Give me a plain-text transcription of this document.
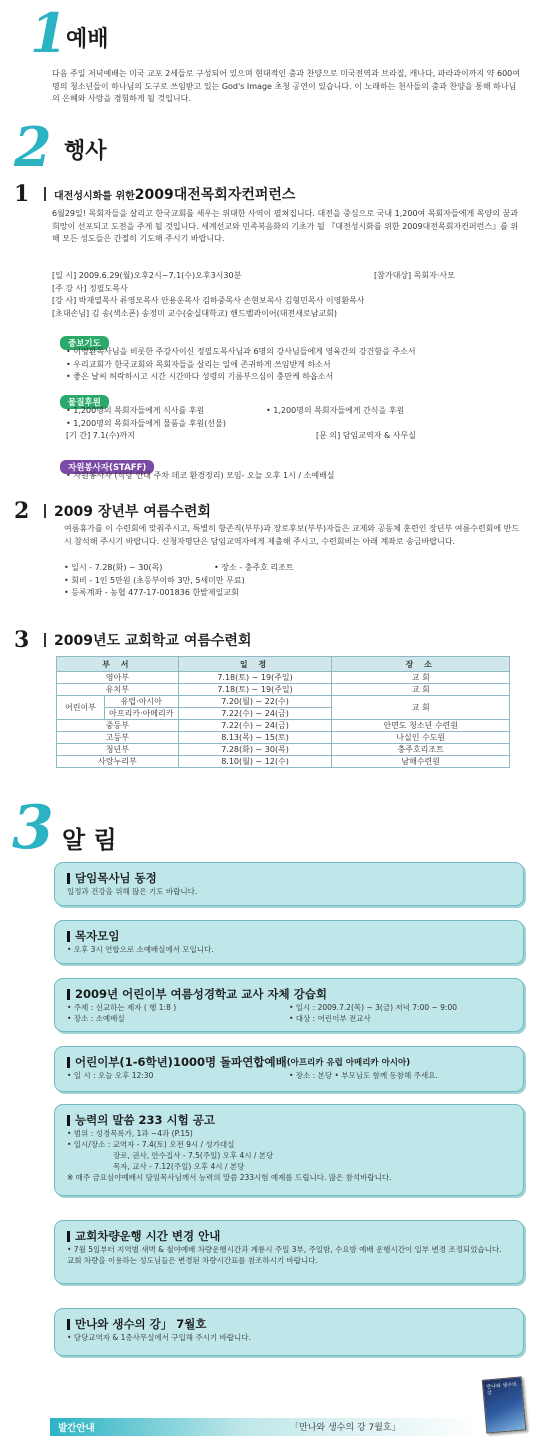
1
예배
다음 주일 저녁예배는 미국 교포 2세들로 구성되어 있으며 현대적인 춤과 찬양으로 미국전역과 브라질, 캐나다, 파라과이까지 약 600여명의 청소년들이 하나님의 도구로 쓰임받고 있는 God's Image 초청 공연이 있습니다. 이 노래하는 천사들의 춤과 찬양을 통해 하나님의 은혜와 사랑을 경험하게 될 것입니다.
2 행사
1	대전성시화를 위한 2009대전목회자컨퍼런스
6월29일! 목회자들을 살리고 한국교회를 세우는 위대한 사역이 펼쳐집니다. 대전을 중심으로 국내 1,200여 목회자들에게 목양의 꿈과 희망이 선포되고 도전을 주게 될 것입니다. 세계선교와 민족복음화의 기초가 될 『대전성시화를 위한 2009대전목회자컨퍼런스』를 위해 모든 성도들은 간절히 기도해 주시기 바랍니다.
[일 시] 2009.6.29(월)오후2시~7.1(수)오후3시30분	[참가대상] 목회자·사모
[주 강 사] 정필도목사
[강 사] 박재열목사 류영모목사 안용운목사 김하중목사 손현보목사 김형민목사 이영환목사
[초대손님] 김 송(색소폰) 송정미 교수(숭실대학교) 핸드벨콰이어(대전새로남교회)
중보기도
• 이영환목사님을 비롯한 주강사이신 정필도목사님과 6명의 강사님들에게 영육간의 강건함을 주소서
• 우리교회가 한국교회와 목회자들을 살리는 일에 존귀하게 쓰임받게 하소서
• 좋은 날씨 허락하시고 시간 시간마다 성령의 기름부으심이 충만케 하옵소서
물질후원
• 1,200명의 목회자들에게 식사를 후원	• 1,200명의 목회자들에게 간식을 후원
• 1,200명의 목회자들에게 물품을 후원(선물)
[기 간] 7.1(수)까지	[문 의] 담임교역자 & 사무실
자원봉사자(STAFF)
• 자원봉사자 (식당 안내 주차 데코 환경정리) 모임- 오늘 오후 1시 / 소예배실
2	2009 장년부 여름수련회
여름휴가를 이 수련회에 맞춰주시고, 특별히 항존직(부부)과 장로후보(부부)자들은 교제와 공동체 훈련인 장년부 여름수련회에 반드시 참석해 주시기 바랍니다. 신청자명단은 담임교역자에게 제출해 주시고, 수련회비는 아래 계좌로 송금바랍니다.
• 일시 - 7.28(화) ~ 30(목)	• 장소 - 충주호 리조트
• 회비 - 1인 5만원 (초등부이하 3만, 5세미만 무료)
• 등록계좌 - 농협 477-17-001836 한밭제일교회
3	2009년도 교회학교 여름수련회
부 서		일 정	장 소
영아부		7.18(토) ~ 19(주일)	교 회
유치부		7.18(토) ~ 19(주일)	교 회
어린이부	유럽·아시아	7.20(월) ~ 22(수)	교 회
	아프리카·아메리카	7.22(수) ~ 24(금)	
중등부		7.22(수) ~ 24(금)	안면도 청소년 수련원
고등부		8.13(목) ~ 15(토)	나실인 수도원
청년부		7.28(화) ~ 30(목)	충주호리조트
사랑누리부		8.10(월) ~ 12(수)	남해수련원
3 알 림
담임목사님 동정
일정과 건강을 위해 많은 기도 바랍니다.
목자모임
• 오후 3시 연합으로 소예배실에서 모입니다.
2009년 어린이부 여름성경학교 교사 자체 강습회
• 주제 : 선교하는 제자 ( 행 1:8 )	• 일시 : 2009.7.2(목) ~ 3(금) 저녁 7:00 ~ 9:00
• 장소 : 소예배실	• 대상 : 어린이부 전교사
어린이부(1-6학년)1000명 돌파연합예배 (아프리카 유럽 아메리카 아시아)
• 일 시 : 오늘 오후 12:30	• 장소 : 본당 • 부모님도 함께 동참해 주세요.
능력의 말씀 233 시험 공고
• 범위 : 성경목록가, 1과 ~4과 (P.15)
• 일시/장소 : 교역자 - 7.4(토) 오전 9시 / 성가대실
장로, 권사, 안수집사 - 7.5(주일) 오후 4시 / 본당
목자, 교사 - 7.12(주일) 오후 4시 / 본당
※ 매주 금요심야예배시 담임목사님께서 능력의 말씀 233시험 예제를 드립니다. 많은 참석바랍니다.
교회차량운행 시간 변경 안내
• 7월 5일부터 지역별 새벽 & 철야예배 차량운행시간과 계룡시 주일 3부, 주일밤, 수요밤 예배 운행시간이 일부 변경 조정되었습니다. 교회 차량을 이용하는 성도님들은 변경된 차량시간표를 참조하시기 바랍니다.
만나와 생수의 강」 7월호
• 담당교역자 & 1층사무실에서 구입해 주시기 바랍니다.
발간안내	「만나와 생수의 강 7월호」
만나와 생수의 강
